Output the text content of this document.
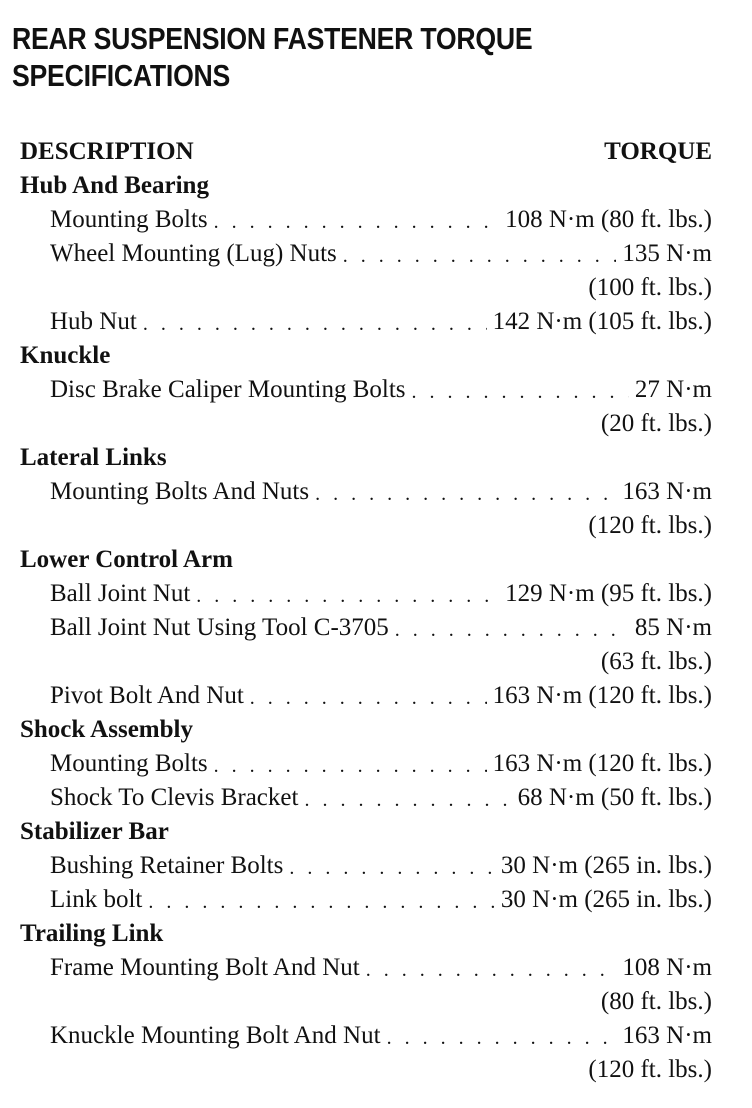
REAR SUSPENSION FASTENER TORQUE
SPECIFICATIONS
DESCRIPTION	TORQUE
Hub And Bearing
Mounting Bolts . . .	108 N·m (80 ft. lbs.)
Wheel Mounting (Lug) Nuts . . .	135 N·m
(100 ft. lbs.)
Hub Nut . . .	142 N·m (105 ft. lbs.)
Knuckle
Disc Brake Caliper Mounting Bolts . . .	27 N·m
(20 ft. lbs.)
Lateral Links
Mounting Bolts And Nuts . . .	163 N·m
(120 ft. lbs.)
Lower Control Arm
Ball Joint Nut . . .	129 N·m (95 ft. lbs.)
Ball Joint Nut Using Tool C-3705 . . .	85 N·m
(63 ft. lbs.)
Pivot Bolt And Nut . . .	163 N·m (120 ft. lbs.)
Shock Assembly
Mounting Bolts . . .	163 N·m (120 ft. lbs.)
Shock To Clevis Bracket . . .	68 N·m (50 ft. lbs.)
Stabilizer Bar
Bushing Retainer Bolts . . .	30 N·m (265 in. lbs.)
Link bolt . . .	30 N·m (265 in. lbs.)
Trailing Link
Frame Mounting Bolt And Nut . . .	108 N·m
(80 ft. lbs.)
Knuckle Mounting Bolt And Nut . . .	163 N·m
(120 ft. lbs.)
